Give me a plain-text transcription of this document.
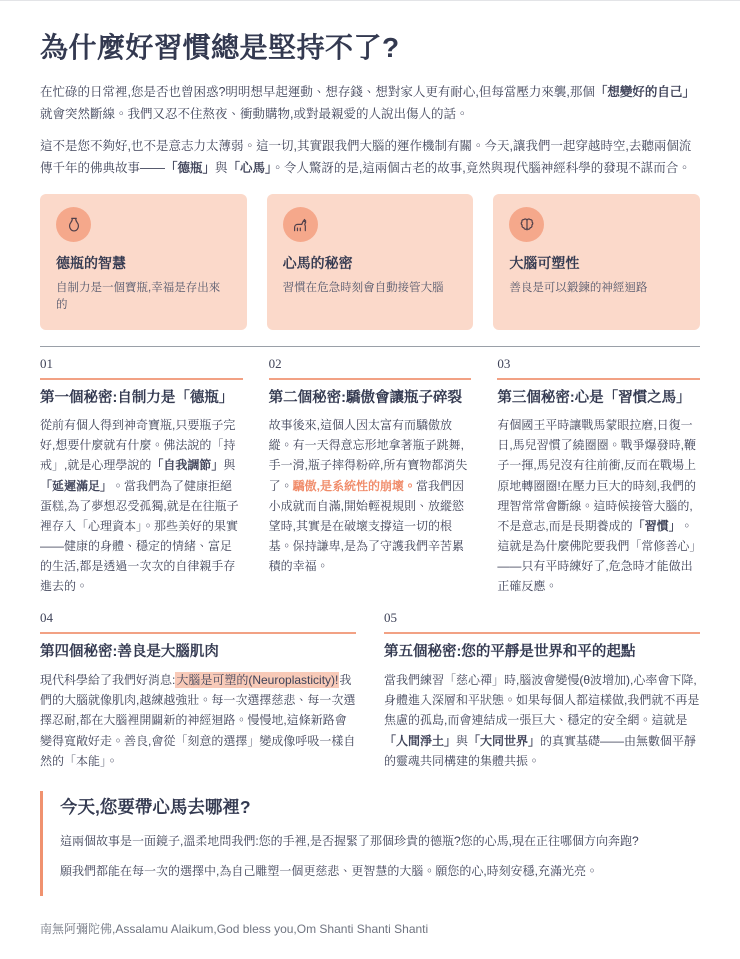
為什麼好習慣總是堅持不了?

在忙碌的日常裡,您是否也曾困惑?明明想早起運動、想存錢、想對家人更有耐心,但每當壓力來襲,那個「想變好的自己」就會突然斷線。我們又忍不住熬夜、衝動購物,或對最親愛的人說出傷人的話。

這不是您不夠好,也不是意志力太薄弱。這一切,其實跟我們大腦的運作機制有關。今天,讓我們一起穿越時空,去聽兩個流傳千年的佛典故事——「德瓶」與「心馬」。令人驚訝的是,這兩個古老的故事,竟然與現代腦神經科學的發現不謀而合。

德瓶的智慧
自制力是一個寶瓶,幸福是存出來的
心馬的秘密
習慣在危急時刻會自動接管大腦
大腦可塑性
善良是可以鍛鍊的神經迴路
01
第一個秘密:自制力是「德瓶」

從前有個人得到神奇寶瓶,只要瓶子完好,想要什麼就有什麼。佛法說的「持戒」,就是心理學說的「自我調節」與「延遲滿足」。當我們為了健康拒絕蛋糕,為了夢想忍受孤獨,就是在往瓶子裡存入「心理資本」。那些美好的果實——健康的身體、穩定的情緒、富足的生活,都是透過一次次的自律親手存進去的。

02
第二個秘密:驕傲會讓瓶子碎裂

故事後來,這個人因太富有而驕傲放縱。有一天得意忘形地拿著瓶子跳舞,手一滑,瓶子摔得粉碎,所有寶物都消失了。驕傲,是系統性的崩壞。當我們因小成就而自滿,開始輕視規則、放縱慾望時,其實是在破壞支撐這一切的根基。保持謙卑,是為了守護我們辛苦累積的幸福。

03
第三個秘密:心是「習慣之馬」

有個國王平時讓戰馬蒙眼拉磨,日復一日,馬兒習慣了繞圈圈。戰爭爆發時,鞭子一揮,馬兒沒有往前衝,反而在戰場上原地轉圈圈!在壓力巨大的時刻,我們的理智常常會斷線。這時候接管大腦的,不是意志,而是長期養成的「習慣」。這就是為什麼佛陀要我們「常修善心」——只有平時練好了,危急時才能做出正確反應。

04
第四個秘密:善良是大腦肌肉

現代科學給了我們好消息:大腦是可塑的(Neuroplasticity)!我們的大腦就像肌肉,越練越強壯。每一次選擇慈悲、每一次選擇忍耐,都在大腦裡開闢新的神經迴路。慢慢地,這條新路會變得寬敞好走。善良,會從「刻意的選擇」變成像呼吸一樣自然的「本能」。

05
第五個秘密:您的平靜是世界和平的起點

當我們練習「慈心禪」時,腦波會變慢(θ波增加),心率會下降,身體進入深層和平狀態。如果每個人都這樣做,我們就不再是焦慮的孤島,而會連結成一張巨大、穩定的安全網。這就是「人間淨土」與「大同世界」的真實基礎——由無數個平靜的靈魂共同構建的集體共振。

今天,您要帶心馬去哪裡?

這兩個故事是一面鏡子,溫柔地問我們:您的手裡,是否握緊了那個珍貴的德瓶?您的心馬,現在正往哪個方向奔跑?

願我們都能在每一次的選擇中,為自己雕塑一個更慈悲、更智慧的大腦。願您的心,時刻安穩,充滿光亮。

南無阿彌陀佛,Assalamu Alaikum,God bless you,Om Shanti Shanti Shanti
